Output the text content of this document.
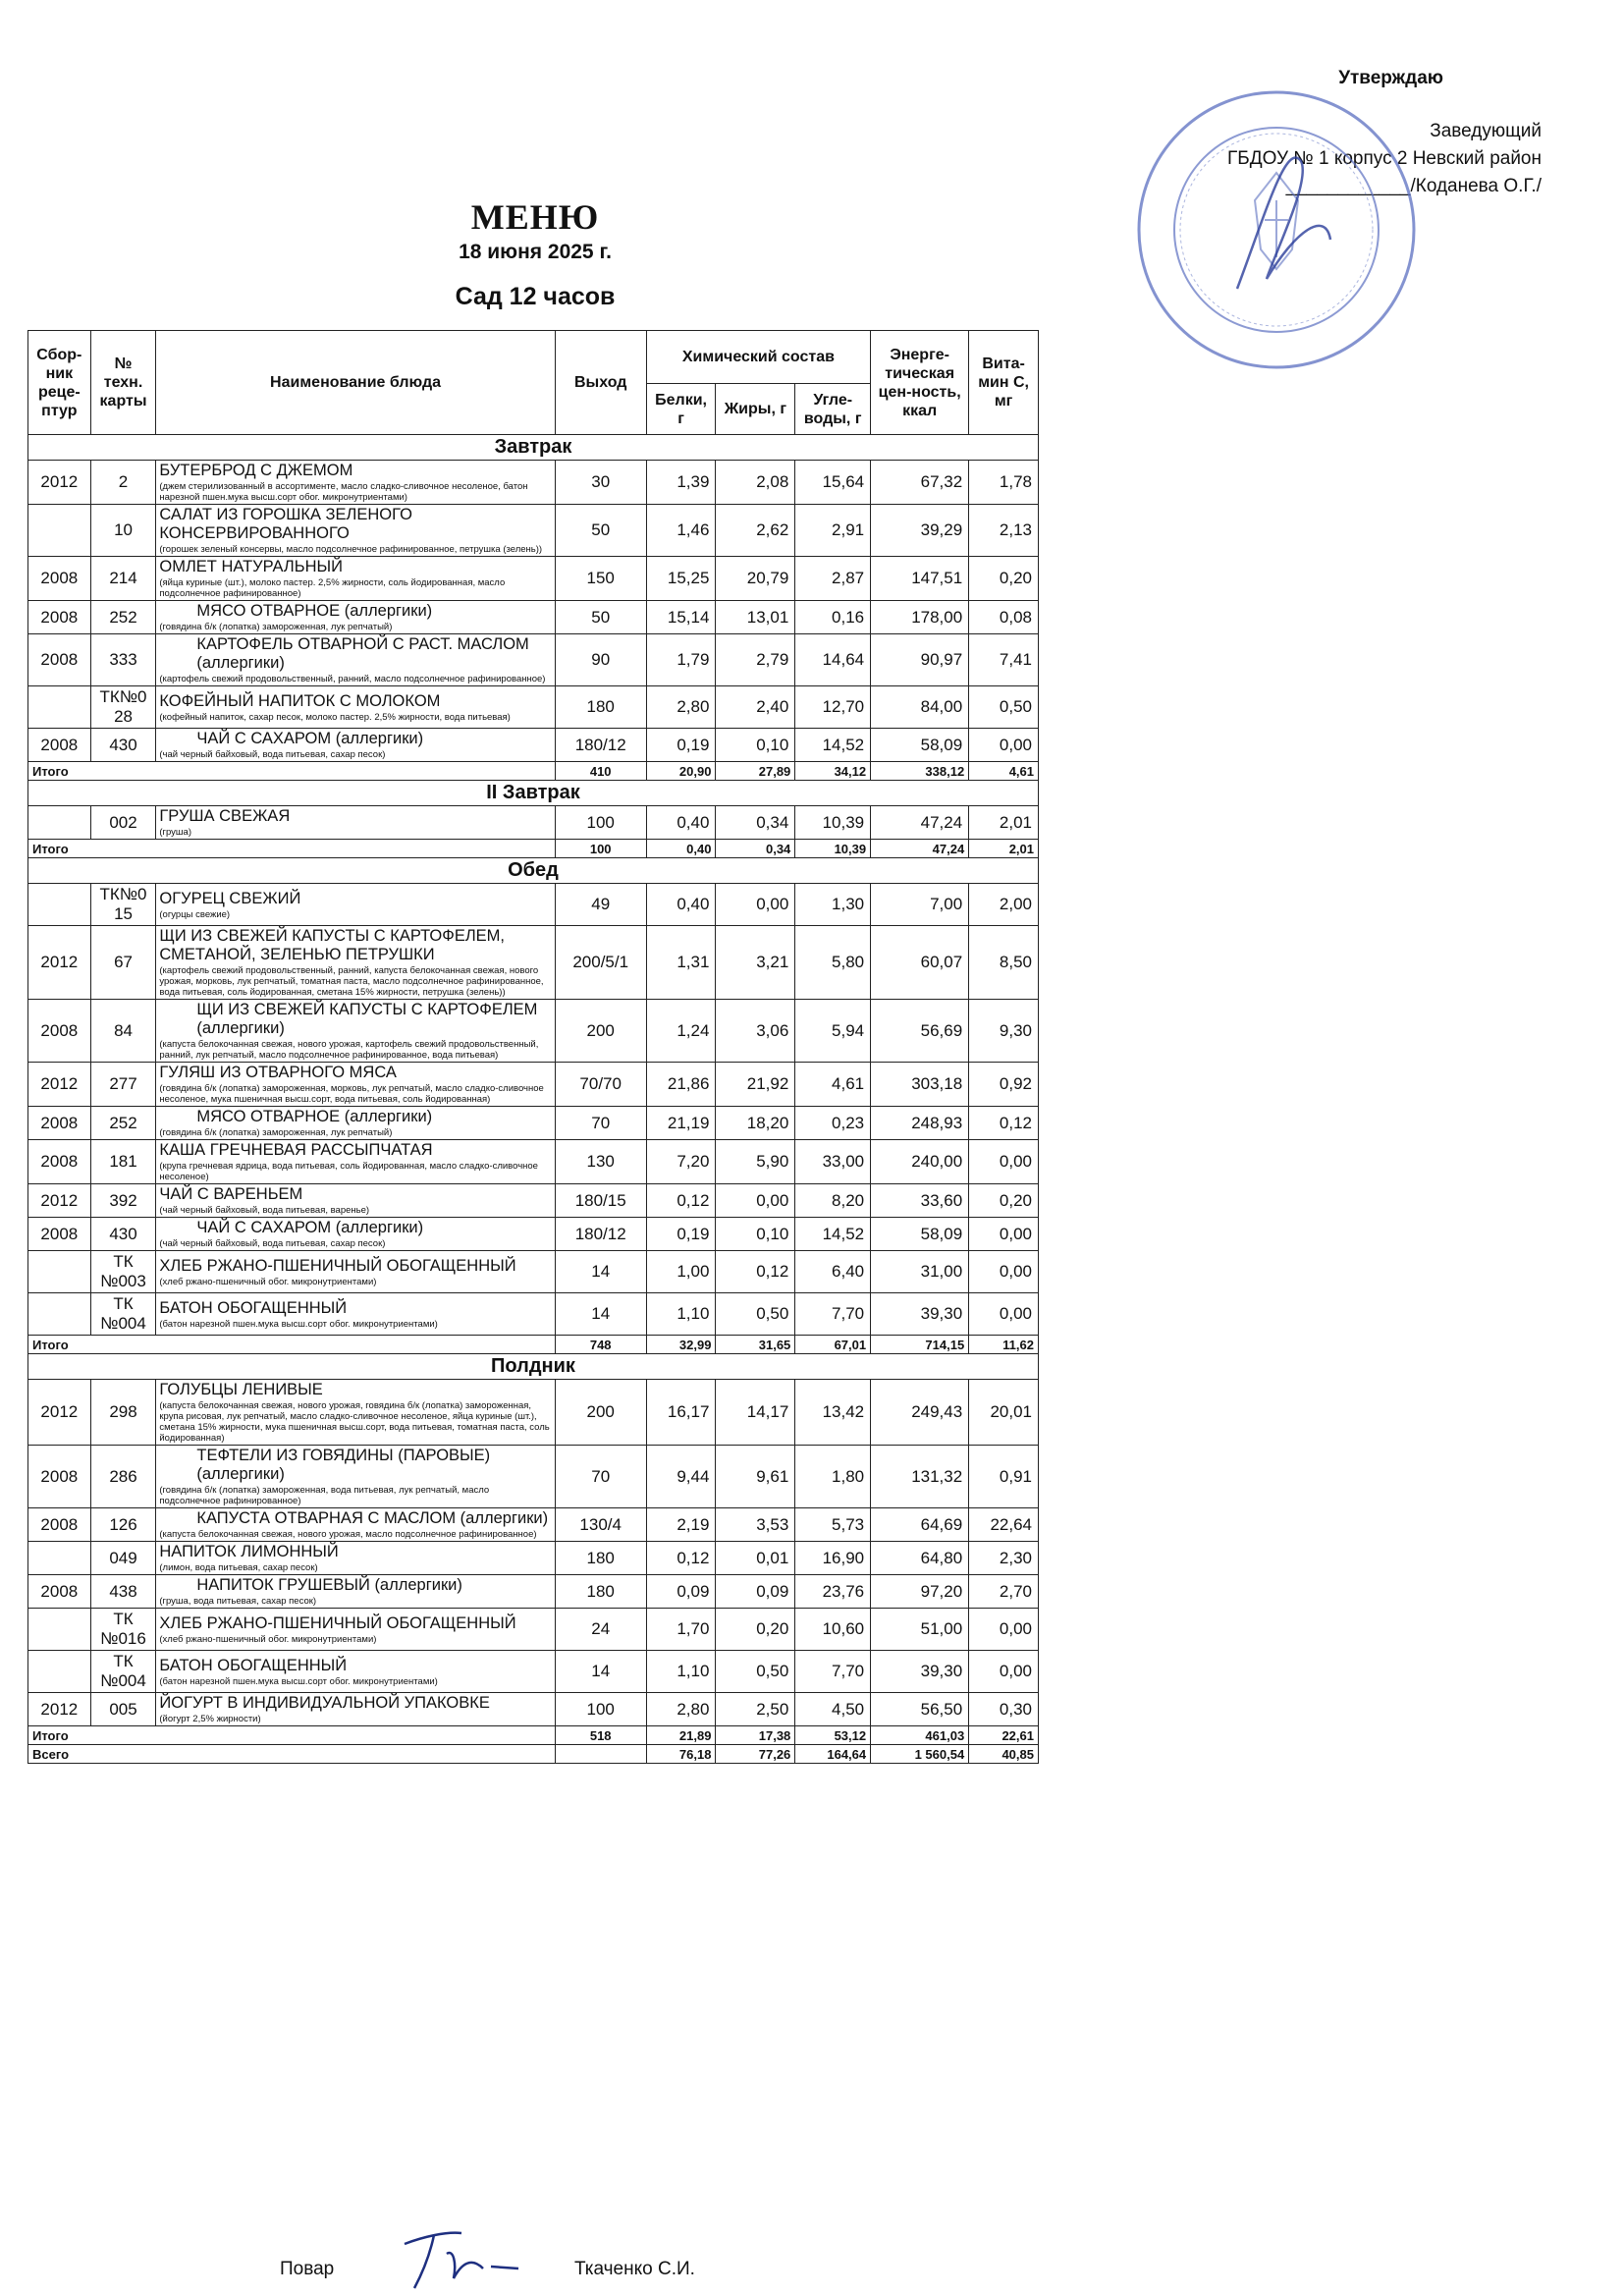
Утверждаю
Заведующий
ГБДОУ № 1 корпус 2 Невский район
____________/Коданева О.Г./
МЕНЮ
18 июня 2025 г.
Сад 12 часов
Сбор-ник реце-птур	№ техн. карты	Наименование блюда	Выход	Химический состав			Энерге-тическая цен-ность, ккал	Вита-мин С, мг
				Белки, г	Жиры, г	Угле-воды, г		
Завтрак								
2012	2	БУТЕРБРОД С ДЖЕМОМ
(джем стерилизованный в ассортименте, масло сладко-сливочное несоленое, батон нарезной пшен.мука высш.сорт обог. микронутриентами)	30	1,39	2,08	15,64	67,32	1,78
	10	САЛАТ ИЗ ГОРОШКА ЗЕЛЕНОГО КОНСЕРВИРОВАННОГО
(горошек зеленый консервы, масло подсолнечное рафинированное, петрушка (зелень))	50	1,46	2,62	2,91	39,29	2,13
2008	214	ОМЛЕТ НАТУРАЛЬНЫЙ
(яйца куриные (шт.), молоко пастер. 2,5% жирности, соль йодированная, масло подсолнечное рафинированное)	150	15,25	20,79	2,87	147,51	0,20
2008	252	МЯСО ОТВАРНОЕ (аллергики)
(говядина б/к (лопатка) замороженная, лук репчатый)	50	15,14	13,01	0,16	178,00	0,08
2008	333	КАРТОФЕЛЬ ОТВАРНОЙ С РАСТ. МАСЛОМ (аллергики)
(картофель свежий продовольственный, ранний, масло подсолнечное рафинированное)	90	1,79	2,79	14,64	90,97	7,41
	ТК№0 28	КОФЕЙНЫЙ НАПИТОК С МОЛОКОМ
(кофейный напиток, сахар песок, молоко пастер. 2,5% жирности, вода питьевая)	180	2,80	2,40	12,70	84,00	0,50
2008	430	ЧАЙ С САХАРОМ (аллергики)
(чай черный байховый, вода питьевая, сахар песок)	180/12	0,19	0,10	14,52	58,09	0,00
Итого			410	20,90	27,89	34,12	338,12	4,61
II Завтрак								
	002	ГРУША СВЕЖАЯ
(груша)	100	0,40	0,34	10,39	47,24	2,01
Итого			100	0,40	0,34	10,39	47,24	2,01
Обед								
	ТК№0 15	ОГУРЕЦ СВЕЖИЙ
(огурцы свежие)	49	0,40	0,00	1,30	7,00	2,00
2012	67	ЩИ ИЗ СВЕЖЕЙ КАПУСТЫ С КАРТОФЕЛЕМ, СМЕТАНОЙ, ЗЕЛЕНЬЮ ПЕТРУШКИ
(картофель свежий продовольственный, ранний, капуста белокочанная свежая, нового урожая, морковь, лук репчатый, томатная паста, масло подсолнечное рафинированное, вода питьевая, соль йодированная, сметана 15% жирности, петрушка (зелень))	200/5/1	1,31	3,21	5,80	60,07	8,50
2008	84	ЩИ ИЗ СВЕЖЕЙ КАПУСТЫ С КАРТОФЕЛЕМ (аллергики)
(капуста белокочанная свежая, нового урожая, картофель свежий продовольственный, ранний, лук репчатый, масло подсолнечное рафинированное, вода питьевая)	200	1,24	3,06	5,94	56,69	9,30
2012	277	ГУЛЯШ ИЗ ОТВАРНОГО МЯСА
(говядина б/к (лопатка) замороженная, морковь, лук репчатый, масло сладко-сливочное несоленое, мука пшеничная высш.сорт, вода питьевая, соль йодированная)	70/70	21,86	21,92	4,61	303,18	0,92
2008	252	МЯСО ОТВАРНОЕ (аллергики)
(говядина б/к (лопатка) замороженная, лук репчатый)	70	21,19	18,20	0,23	248,93	0,12
2008	181	КАША ГРЕЧНЕВАЯ РАССЫПЧАТАЯ
(крупа гречневая ядрица, вода питьевая, соль йодированная, масло сладко-сливочное несоленое)	130	7,20	5,90	33,00	240,00	0,00
2012	392	ЧАЙ С ВАРЕНЬЕМ
(чай черный байховый, вода питьевая, варенье)	180/15	0,12	0,00	8,20	33,60	0,20
2008	430	ЧАЙ С САХАРОМ (аллергики)
(чай черный байховый, вода питьевая, сахар песок)	180/12	0,19	0,10	14,52	58,09	0,00
	ТК №003	ХЛЕБ РЖАНО-ПШЕНИЧНЫЙ ОБОГАЩЕННЫЙ
(хлеб ржано-пшеничный обог. микронутриентами)	14	1,00	0,12	6,40	31,00	0,00
	ТК №004	БАТОН ОБОГАЩЕННЫЙ
(батон нарезной пшен.мука высш.сорт обог. микронутриентами)	14	1,10	0,50	7,70	39,30	0,00
Итого			748	32,99	31,65	67,01	714,15	11,62
Полдник								
2012	298	ГОЛУБЦЫ ЛЕНИВЫЕ
(капуста белокочанная свежая, нового урожая, говядина б/к (лопатка) замороженная, крупа рисовая, лук репчатый, масло сладко-сливочное несоленое, яйца куриные (шт.), сметана 15% жирности, мука пшеничная высш.сорт, вода питьевая, томатная паста, соль йодированная)	200	16,17	14,17	13,42	249,43	20,01
2008	286	ТЕФТЕЛИ ИЗ ГОВЯДИНЫ (ПАРОВЫЕ) (аллергики)
(говядина б/к (лопатка) замороженная, вода питьевая, лук репчатый, масло подсолнечное рафинированное)	70	9,44	9,61	1,80	131,32	0,91
2008	126	КАПУСТА ОТВАРНАЯ С МАСЛОМ (аллергики)
(капуста белокочанная свежая, нового урожая, масло подсолнечное рафинированное)	130/4	2,19	3,53	5,73	64,69	22,64
	049	НАПИТОК ЛИМОННЫЙ
(лимон, вода питьевая, сахар песок)	180	0,12	0,01	16,90	64,80	2,30
2008	438	НАПИТОК ГРУШЕВЫЙ (аллергики)
(груша, вода питьевая, сахар песок)	180	0,09	0,09	23,76	97,20	2,70
	ТК №016	ХЛЕБ РЖАНО-ПШЕНИЧНЫЙ ОБОГАЩЕННЫЙ
(хлеб ржано-пшеничный обог. микронутриентами)	24	1,70	0,20	10,60	51,00	0,00
	ТК №004	БАТОН ОБОГАЩЕННЫЙ
(батон нарезной пшен.мука высш.сорт обог. микронутриентами)	14	1,10	0,50	7,70	39,30	0,00
2012	005	ЙОГУРТ В ИНДИВИДУАЛЬНОЙ УПАКОВКЕ
(йогурт 2,5% жирности)	100	2,80	2,50	4,50	56,50	0,30
Итого			518	21,89	17,38	53,12	461,03	22,61
Всего				76,18	77,26	164,64	1 560,54	40,85
Повар	Ткаченко С.И.
